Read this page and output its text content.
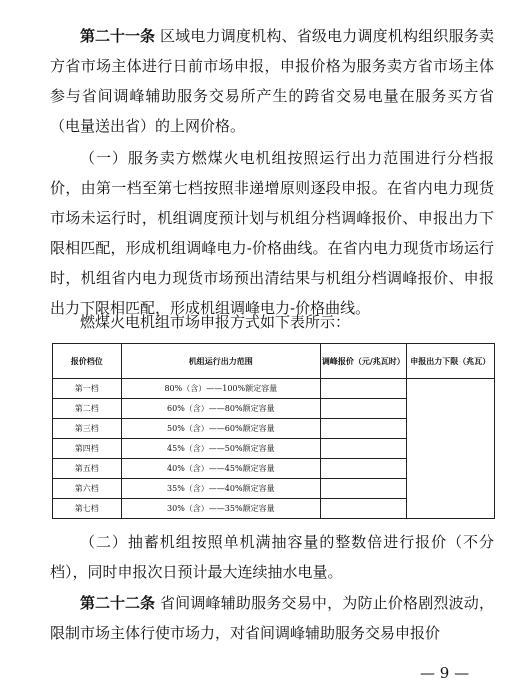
第二十一条 区域电力调度机构、省级电力调度机构组织服务卖方省市场主体进行日前市场申报，申报价格为服务卖方省市场主体参与省间调峰辅助服务交易所产生的跨省交易电量在服务买方省（电量送出省）的上网价格。
（一）服务卖方燃煤火电机组按照运行出力范围进行分档报价，由第一档至第七档按照非递增原则逐段申报。在省内电力现货市场未运行时，机组调度预计划与机组分档调峰报价、申报出力下限相匹配，形成机组调峰电力-价格曲线。在省内电力现货市场运行时，机组省内电力现货市场预出清结果与机组分档调峰报价、申报出力下限相匹配，形成机组调峰电力-价格曲线。
燃煤火电机组市场申报方式如下表所示：
报价档位	机组运行出力范围	调峰报价（元/兆瓦时）	申报出力下限（兆瓦）
第一档	80%（含）——100%额定容量		
第二档	60%（含）——80%额定容量		
第三档	50%（含）——60%额定容量		
第四档	45%（含）——50%额定容量		
第五档	40%（含）——45%额定容量		
第六档	35%（含）——40%额定容量		
第七档	30%（含）——35%额定容量		
（二）抽蓄机组按照单机满抽容量的整数倍进行报价（不分档），同时申报次日预计最大连续抽水电量。
第二十二条 省间调峰辅助服务交易中，为防止价格剧烈波动，限制市场主体行使市场力，对省间调峰辅助服务交易申报价
— 9 —
